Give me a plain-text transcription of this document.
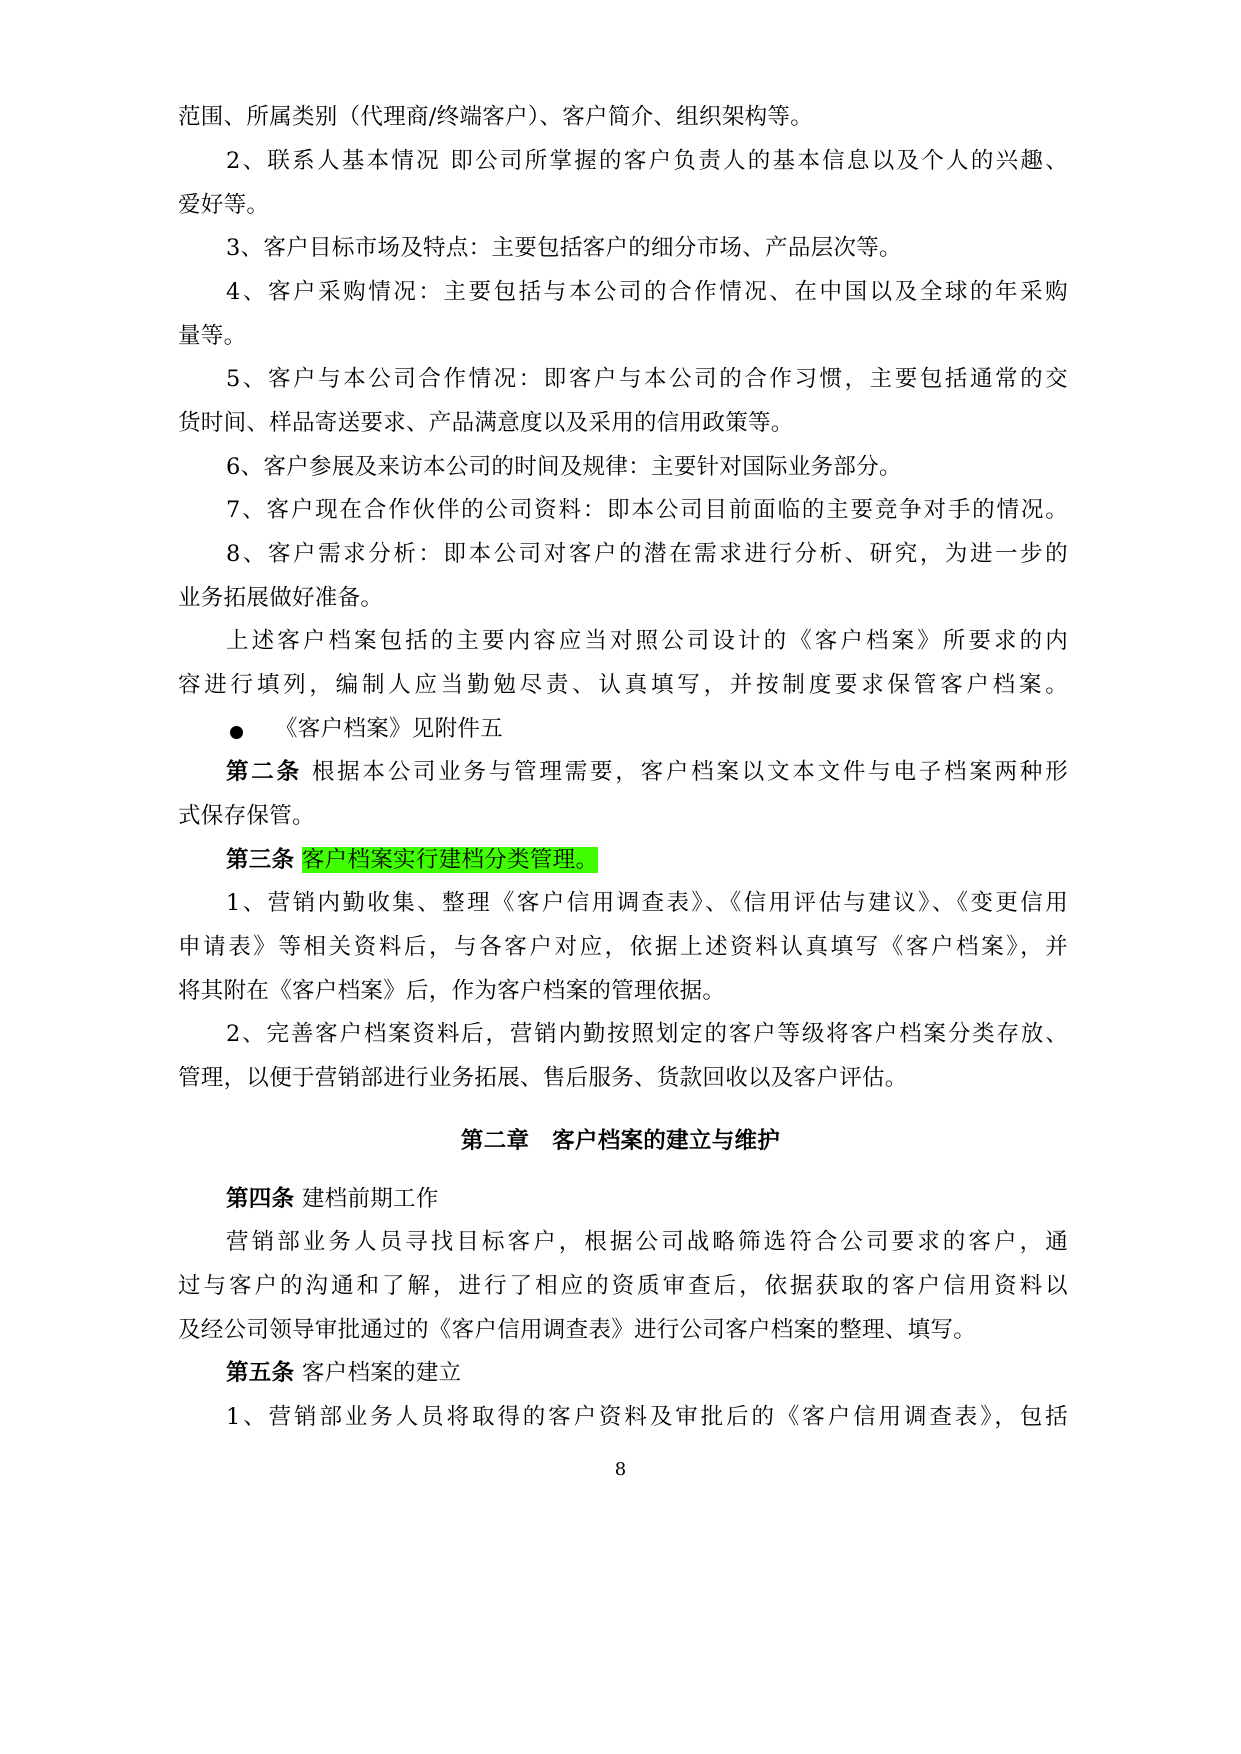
范围、所属类别（代理商/终端客户）、客户简介、组织架构等。
2、联系人基本情况 即公司所掌握的客户负责人的基本信息以及个人的兴趣、
爱好等。
3、客户目标市场及特点：主要包括客户的细分市场、产品层次等。
4、客户采购情况：主要包括与本公司的合作情况、在中国以及全球的年采购
量等。
5、客户与本公司合作情况：即客户与本公司的合作习惯，主要包括通常的交
货时间、样品寄送要求、产品满意度以及采用的信用政策等。
6、客户参展及来访本公司的时间及规律：主要针对国际业务部分。
7、客户现在合作伙伴的公司资料：即本公司目前面临的主要竞争对手的情况。
8、客户需求分析：即本公司对客户的潜在需求进行分析、研究，为进一步的
业务拓展做好准备。
上述客户档案包括的主要内容应当对照公司设计的《客户档案》所要求的内
容进行填列，编制人应当勤勉尽责、认真填写，并按制度要求保管客户档案。
《客户档案》见附件五
第二条 根据本公司业务与管理需要，客户档案以文本文件与电子档案两种形
式保存保管。
第三条 客户档案实行建档分类管理。
1、营销内勤收集、整理《客户信用调查表》、《信用评估与建议》、《变更信用
申请表》等相关资料后，与各客户对应，依据上述资料认真填写《客户档案》，并
将其附在《客户档案》后，作为客户档案的管理依据。
2、完善客户档案资料后，营销内勤按照划定的客户等级将客户档案分类存放、
管理，以便于营销部进行业务拓展、售后服务、货款回收以及客户评估。
第二章　客户档案的建立与维护
第四条 建档前期工作
营销部业务人员寻找目标客户，根据公司战略筛选符合公司要求的客户，通
过与客户的沟通和了解，进行了相应的资质审查后，依据获取的客户信用资料以
及经公司领导审批通过的《客户信用调查表》进行公司客户档案的整理、填写。
第五条 客户档案的建立
1、营销部业务人员将取得的客户资料及审批后的《客户信用调查表》，包括
8
